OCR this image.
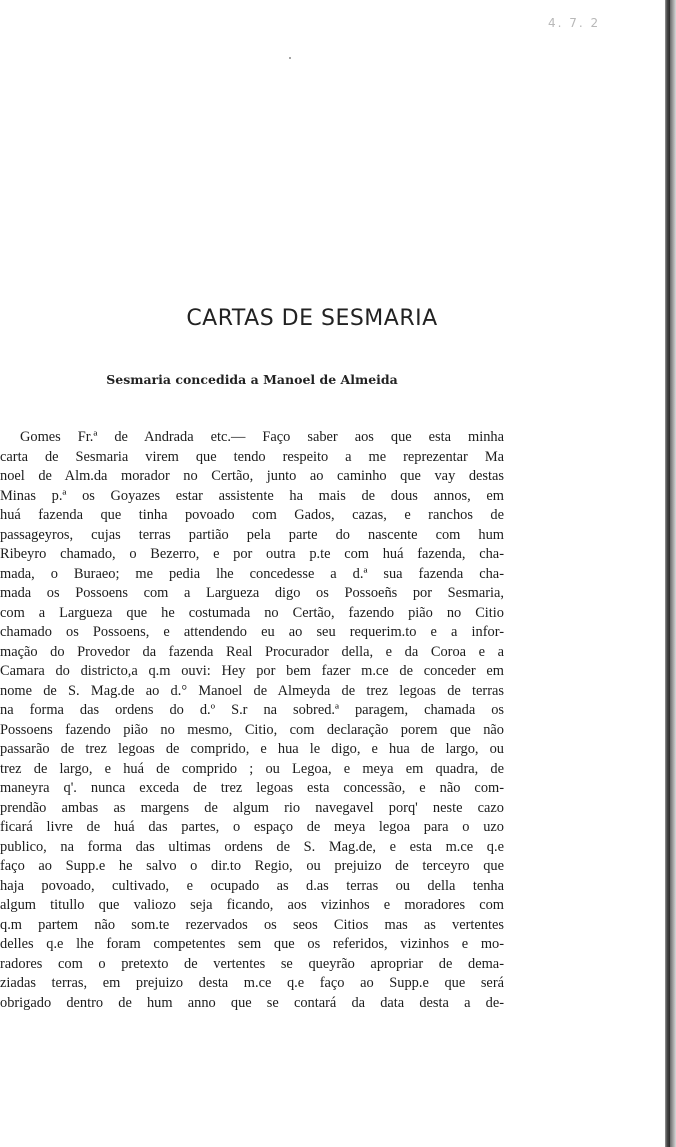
4. 7. 2
CARTAS DE SESMARIA
Sesmaria concedida a Manoel de Almeida
Gomes Fr.ª de Andrada etc.— Faço saber aos que esta minha
carta de Sesmaria virem que tendo respeito a me reprezentar Ma
noel de Alm.da morador no Certão, junto ao caminho que vay destas
Minas p.ª os Goyazes estar assistente ha mais de dous annos, em
huá fazenda que tinha povoado com Gados, cazas, e ranchos de
passageyros, cujas terras partião pela parte do nascente com hum
Ribeyro chamado, o Bezerro, e por outra p.te com huá fazenda, cha-
mada, o Buraeo; me pedia lhe concedesse a d.ª sua fazenda cha-
mada os Possoens com a Largueza digo os Possoeñs por Sesmaria,
com a Largueza que he costumada no Certão, fazendo pião no Citio
chamado os Possoens, e attendendo eu ao seu requerim.to e a infor-
mação do Provedor da fazenda Real Procurador della, e da Coroa e a
Camara do districto,a q.m ouvi: Hey por bem fazer m.ce de conceder em
nome de S. Mag.de ao d.° Manoel de Almeyda de trez legoas de terras
na forma das ordens do d.º S.r na sobred.ª paragem, chamada os
Possoens fazendo pião no mesmo, Citio, com declaração porem que não
passarão de trez legoas de comprido, e hua le digo, e hua de largo, ou
trez de largo, e huá de comprido ; ou Legoa, e meya em quadra, de
maneyra q'. nunca exceda de trez legoas esta concessão, e não com-
prendão ambas as margens de algum rio navegavel porq' neste cazo
ficará livre de huá das partes, o espaço de meya legoa para o uzo
publico, na forma das ultimas ordens de S. Mag.de, e esta m.ce q.e
faço ao Supp.e he salvo o dir.to Regio, ou prejuizo de terceyro que
haja povoado, cultivado, e ocupado as d.as terras ou della tenha
algum titullo que valiozo seja ficando, aos vizinhos e moradores com
q.m partem não som.te rezervados os seos Citios mas as vertentes
delles q.e lhe foram competentes sem que os referidos, vizinhos e mo-
radores com o pretexto de vertentes se queyrão apropriar de dema-
ziadas terras, em prejuizo desta m.ce q.e faço ao Supp.e que será
obrigado dentro de hum anno que se contará da data desta a de-
